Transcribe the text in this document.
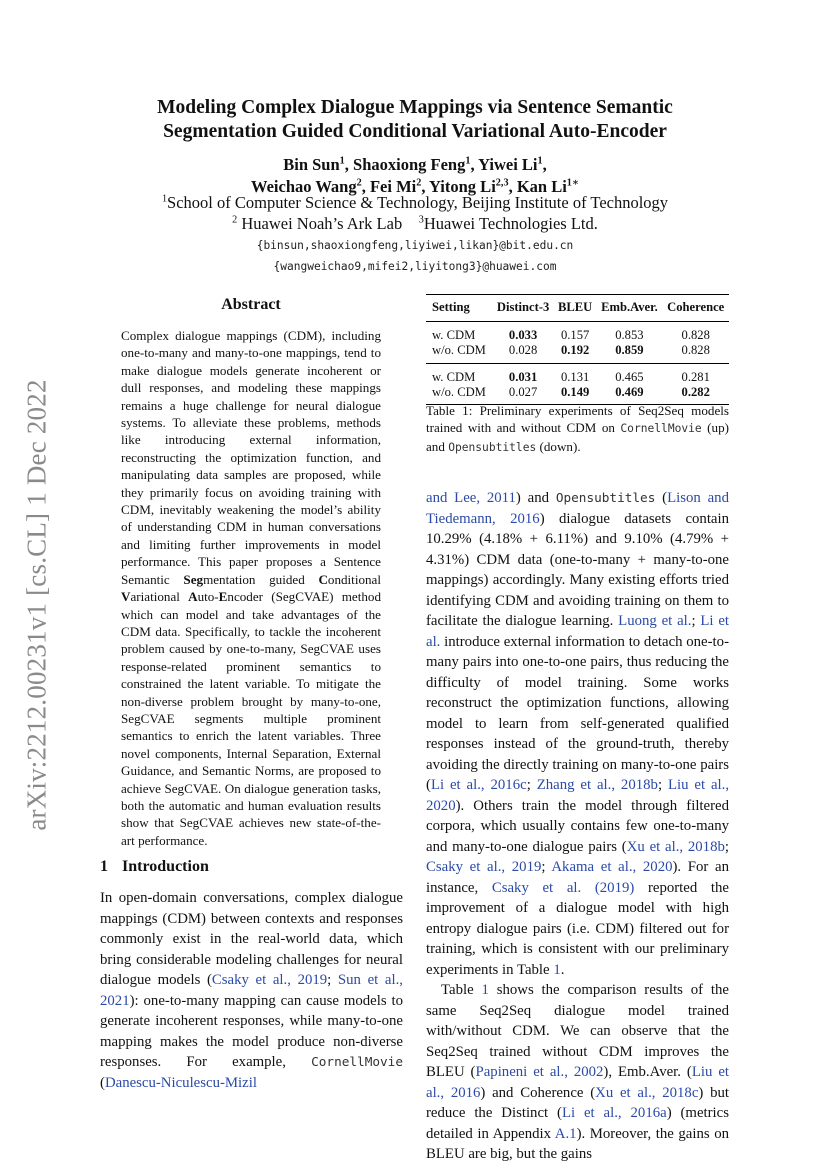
arXiv:2212.00231v1 [cs.CL] 1 Dec 2022
Modeling Complex Dialogue Mappings via Sentence Semantic
Segmentation Guided Conditional Variational Auto-Encoder
Bin Sun$^1$, Shaoxiong Feng$^1$, Yiwei Li$^1$,
Weichao Wang$^2$, Fei Mi$^2$, Yitong Li$^{2,3}$, Kan $Li^{1∗}$
$^1$School of Computer Science & Technology, Beijing Institute of Technology
$^2$ Huawei Noah’s Ark Lab $^3$Huawei Technologies Ltd.
{binsun,shaoxiongfeng,liyiwei,likan}@bit.edu.cn
{wangweichao9,mifei2,liyitong3}@huawei.com
Abstract
Complex dialogue mappings (CDM), including one-to-many and many-to-one mappings, tend to make dialogue models generate incoherent or dull responses, and modeling these mappings remains a huge challenge for neural dialogue systems. To alleviate these problems, methods like introducing external information, reconstructing the optimization function, and manipulating data samples are proposed, while they primarily focus on avoiding training with CDM, inevitably weakening the model’s ability of understanding CDM in human conversations and limiting further improvements in model performance. This paper proposes a Sentence Semantic Segmentation guided Conditional Variational Auto-Encoder (SegCVAE) method which can model and take advantages of the CDM data. Specifically, to tackle the incoherent problem caused by one-to-many, SegCVAE uses response-related prominent semantics to constrained the latent variable. To mitigate the non-diverse problem brought by many-to-one, SegCVAE segments multiple prominent semantics to enrich the latent variables. Three novel components, Internal Separation, External Guidance, and Semantic Norms, are proposed to achieve SegCVAE. On dialogue generation tasks, both the automatic and human evaluation results show that SegCVAE achieves new state-of-the-art performance.
1 Introduction
In open-domain conversations, complex dialogue mappings (CDM) between contexts and responses commonly exist in the real-world data, which bring considerable modeling challenges for neural dialogue models (Csaky et al., 2019; Sun et al., 2021): one-to-many mapping can cause models to generate incoherent responses, while many-to-one mapping makes the model produce non-diverse responses. For example, CornellMovie (Danescu-Niculescu-Mizil
Setting	Distinct-3	BLEU	Emb.Aver.	Coherence
w. CDM	0.033	0.157	0.853	0.828
w/o. CDM	0.028	0.192	0.859	0.828
w. CDM	0.031	0.131	0.465	0.281
w/o. CDM	0.027	0.149	0.469	0.282
Table 1: Preliminary experiments of Seq2Seq models trained with and without CDM on CornellMovie (up) and Opensubtitles (down).

and Lee, 2011) and Opensubtitles (Lison and Tiedemann, 2016) dialogue datasets contain 10.29% (4.18% + 6.11%) and 9.10% (4.79% + 4.31%) CDM data (one-to-many + many-to-one mappings) accordingly. Many existing efforts tried identifying CDM and avoiding training on them to facilitate the dialogue learning. Luong et al.; Li et al. introduce external information to detach one-to-many pairs into one-to-one pairs, thus reducing the difficulty of model training. Some works reconstruct the optimization functions, allowing model to learn from self-generated qualified responses instead of the ground-truth, thereby avoiding the directly training on many-to-one pairs (Li et al., 2016c; Zhang et al., 2018b; Liu et al., 2020). Others train the model through filtered corpora, which usually contains few one-to-many and many-to-one dialogue pairs (Xu et al., 2018b; Csaky et al., 2019; Akama et al., 2020). For an instance, Csaky et al. (2019) reported the improvement of a dialogue model with high entropy dialogue pairs (i.e. CDM) filtered out for training, which is consistent with our preliminary experiments in Table 1.

Table 1 shows the comparison results of the same Seq2Seq dialogue model trained with/without CDM. We can observe that the Seq2Seq trained without CDM improves the BLEU (Papineni et al., 2002), Emb.Aver. (Liu et al., 2016) and Coherence (Xu et al., 2018c) but reduce the Distinct (Li et al., 2016a) (metrics detailed in Appendix A.1). Moreover, the gains on BLEU are big, but the gains
